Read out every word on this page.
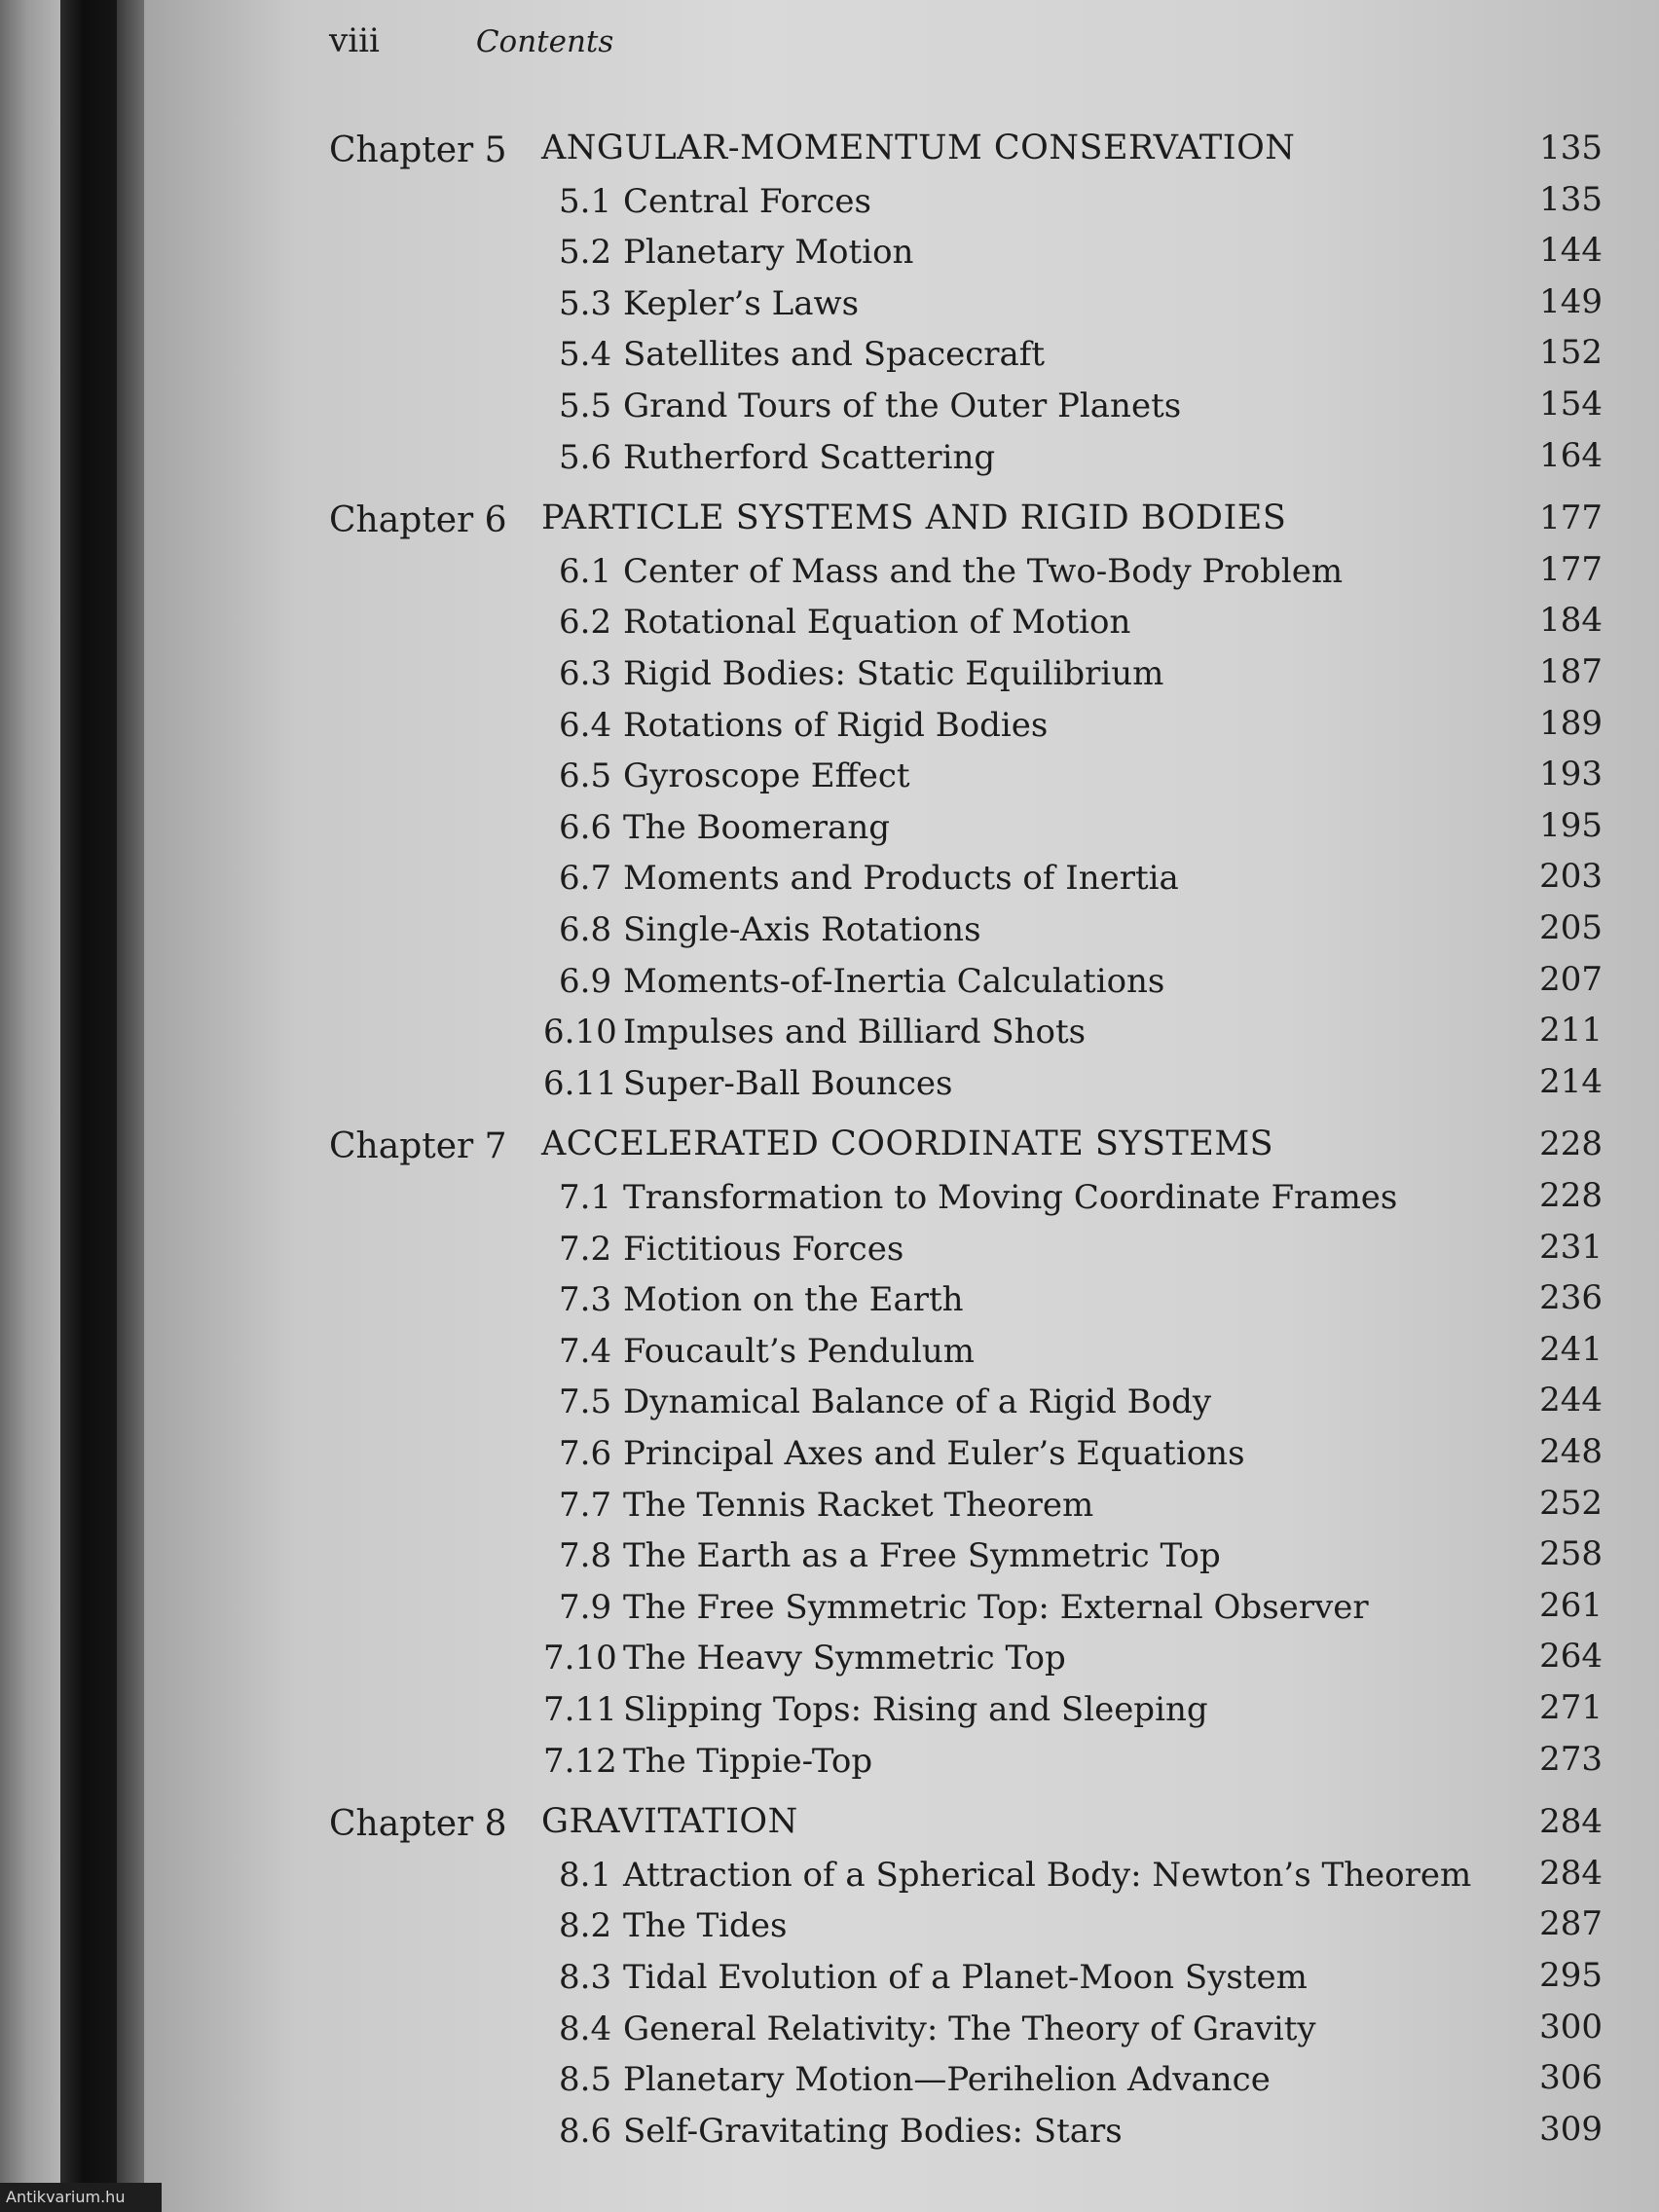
viii	Contents
Chapter 5 ANGULAR-MOMENTUM CONSERVATION	135
5.1 Central Forces	135
5.2 Planetary Motion	144
5.3 Kepler’s Laws	149
5.4 Satellites and Spacecraft	152
5.5 Grand Tours of the Outer Planets	154
5.6 Rutherford Scattering	164
Chapter 6 PARTICLE SYSTEMS AND RIGID BODIES	177
6.1 Center of Mass and the Two-Body Problem	177
6.2 Rotational Equation of Motion	184
6.3 Rigid Bodies: Static Equilibrium	187
6.4 Rotations of Rigid Bodies	189
6.5 Gyroscope Effect	193
6.6 The Boomerang	195
6.7 Moments and Products of Inertia	203
6.8 Single-Axis Rotations	205
6.9 Moments-of-Inertia Calculations	207
6.10 Impulses and Billiard Shots	211
6.11 Super-Ball Bounces	214
Chapter 7 ACCELERATED COORDINATE SYSTEMS	228
7.1 Transformation to Moving Coordinate Frames	228
7.2 Fictitious Forces	231
7.3 Motion on the Earth	236
7.4 Foucault’s Pendulum	241
7.5 Dynamical Balance of a Rigid Body	244
7.6 Principal Axes and Euler’s Equations	248
7.7 The Tennis Racket Theorem	252
7.8 The Earth as a Free Symmetric Top	258
7.9 The Free Symmetric Top: External Observer	261
7.10 The Heavy Symmetric Top	264
7.11 Slipping Tops: Rising and Sleeping	271
7.12 The Tippie-Top	273
Chapter 8 GRAVITATION	284
8.1 Attraction of a Spherical Body: Newton’s Theorem 284
8.2 The Tides	287
8.3 Tidal Evolution of a Planet-Moon System	295
8.4 General Relativity: The Theory of Gravity	300
8.5 Planetary Motion—Perihelion Advance	306
8.6 Self-Gravitating Bodies: Stars	309
Antikvarium.hu
